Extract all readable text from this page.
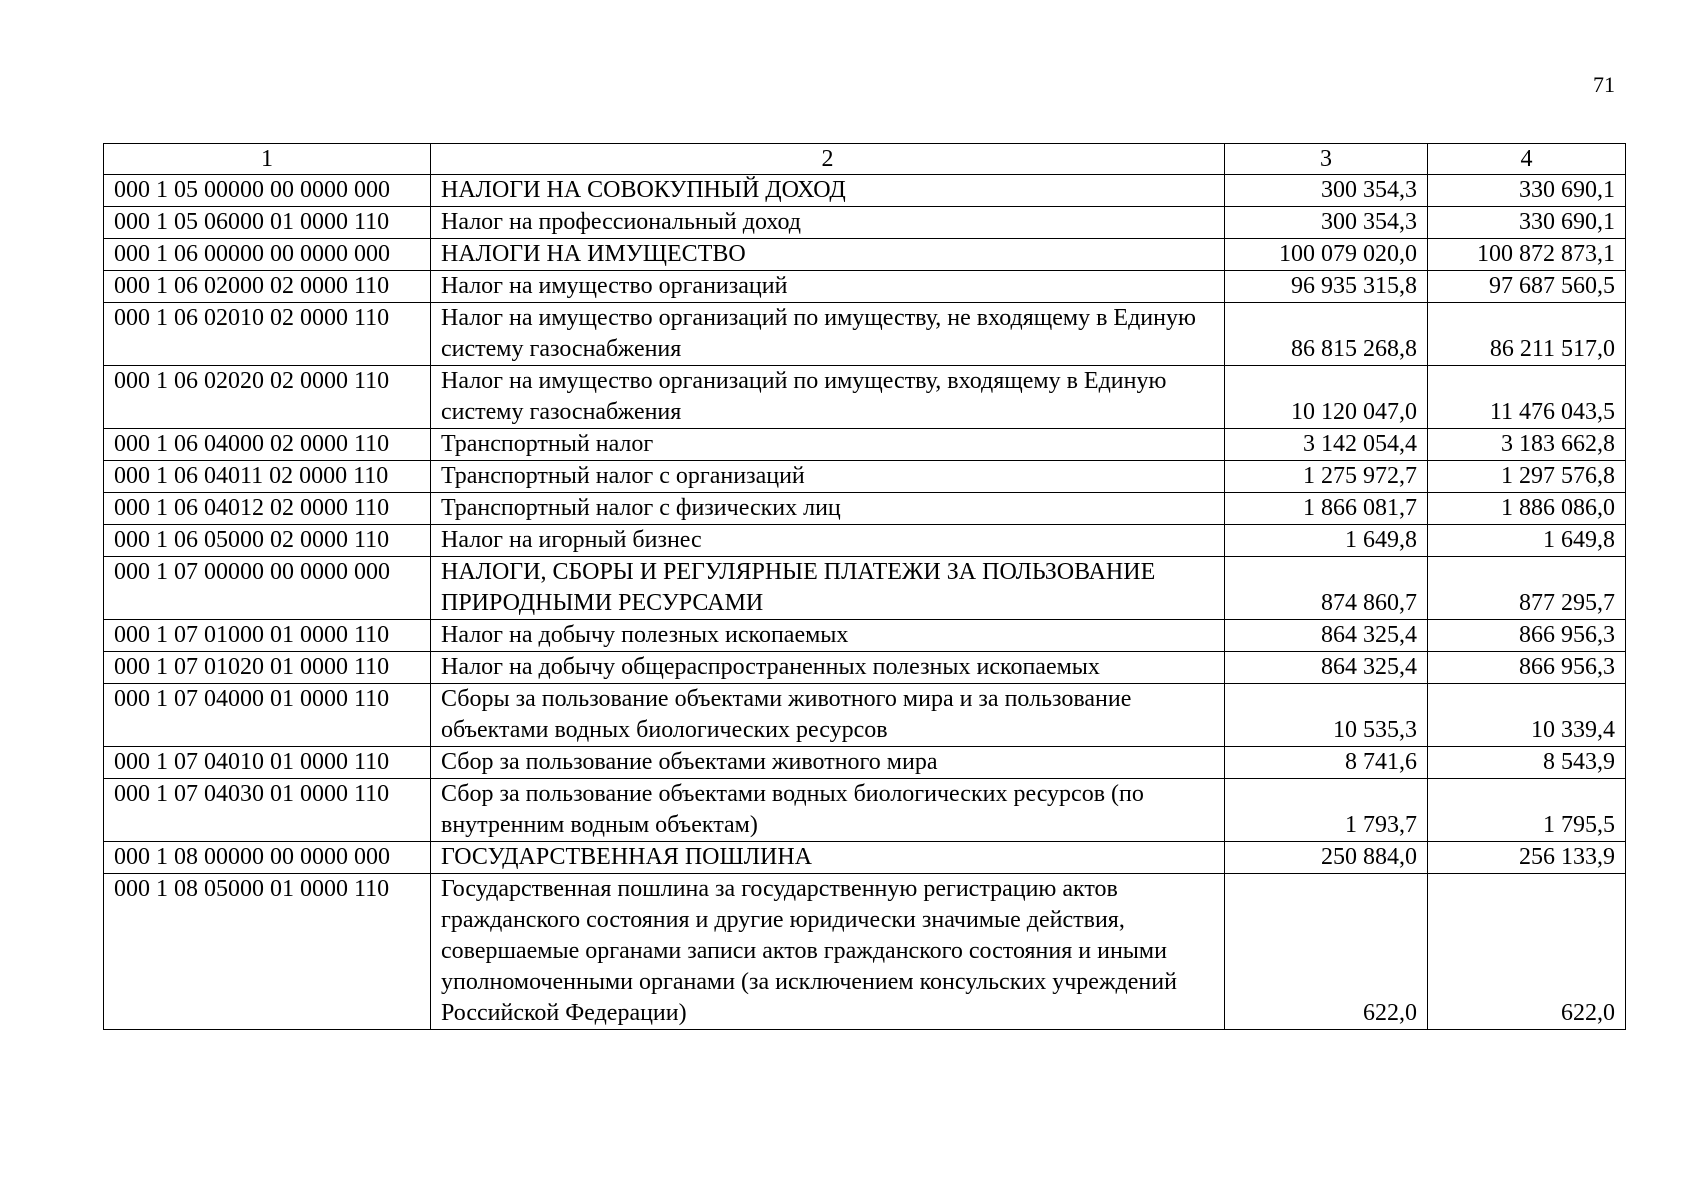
71
1	2	3	4
000 1 05 00000 00 0000 000	НАЛОГИ НА СОВОКУПНЫЙ ДОХОД	300 354,3	330 690,1
000 1 05 06000 01 0000 110	Налог на профессиональный доход	300 354,3	330 690,1
000 1 06 00000 00 0000 000	НАЛОГИ НА ИМУЩЕСТВО	100 079 020,0	100 872 873,1
000 1 06 02000 02 0000 110	Налог на имущество организаций	96 935 315,8	97 687 560,5
000 1 06 02010 02 0000 110	Налог на имущество организаций по имуществу, не входящему в Единую систему газоснабжения	86 815 268,8	86 211 517,0
000 1 06 02020 02 0000 110	Налог на имущество организаций по имуществу, входящему в Единую систему газоснабжения	10 120 047,0	11 476 043,5
000 1 06 04000 02 0000 110	Транспортный налог	3 142 054,4	3 183 662,8
000 1 06 04011 02 0000 110	Транспортный налог с организаций	1 275 972,7	1 297 576,8
000 1 06 04012 02 0000 110	Транспортный налог с физических лиц	1 866 081,7	1 886 086,0
000 1 06 05000 02 0000 110	Налог на игорный бизнес	1 649,8	1 649,8
000 1 07 00000 00 0000 000	НАЛОГИ, СБОРЫ И РЕГУЛЯРНЫЕ ПЛАТЕЖИ ЗА ПОЛЬЗОВАНИЕ ПРИРОДНЫМИ РЕСУРСАМИ	874 860,7	877 295,7
000 1 07 01000 01 0000 110	Налог на добычу полезных ископаемых	864 325,4	866 956,3
000 1 07 01020 01 0000 110	Налог на добычу общераспространенных полезных ископаемых	864 325,4	866 956,3
000 1 07 04000 01 0000 110	Сборы за пользование объектами животного мира и за пользование объектами водных биологических ресурсов	10 535,3	10 339,4
000 1 07 04010 01 0000 110	Сбор за пользование объектами животного мира	8 741,6	8 543,9
000 1 07 04030 01 0000 110	Сбор за пользование объектами водных биологических ресурсов (по внутренним водным объектам)	1 793,7	1 795,5
000 1 08 00000 00 0000 000	ГОСУДАРСТВЕННАЯ ПОШЛИНА	250 884,0	256 133,9
000 1 08 05000 01 0000 110	Государственная пошлина за государственную регистрацию актов гражданского состояния и другие юридически значимые действия, совершаемые органами записи актов гражданского состояния и иными уполномоченными органами (за исключением консульских учреждений Российской Федерации)	622,0	622,0
